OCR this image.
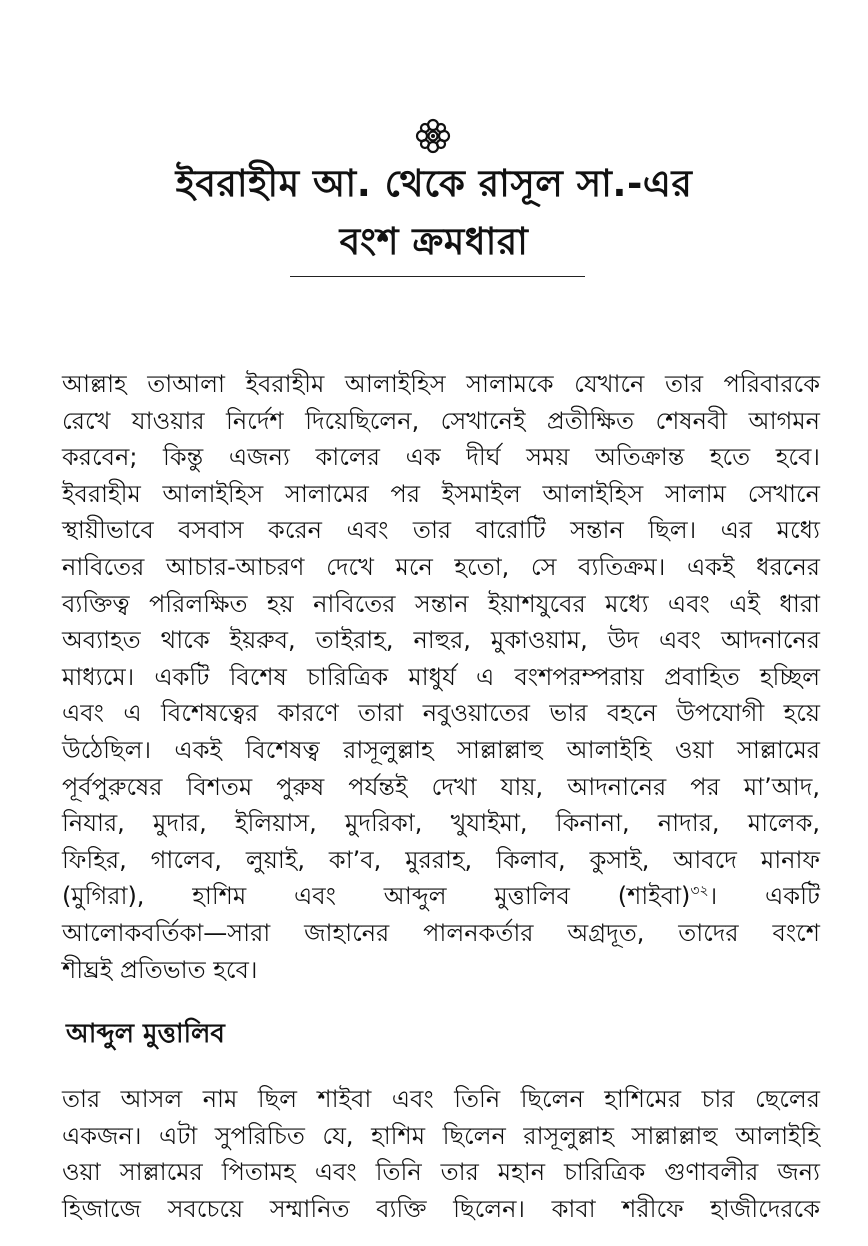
ইবরাহীম আ. থেকে রাসূল সা.-এর
বংশ ক্রমধারা
আল্লাহ তাআলা ইবরাহীম আলাইহিস সালামকে যেখানে তার পরিবারকে
রেখে যাওয়ার নির্দেশ দিয়েছিলেন, সেখানেই প্রতীক্ষিত শেষনবী আগমন
করবেন; কিন্তু এজন্য কালের এক দীর্ঘ সময় অতিক্রান্ত হতে হবে।
ইবরাহীম আলাইহিস সালামের পর ইসমাইল আলাইহিস সালাম সেখানে
স্থায়ীভাবে বসবাস করেন এবং তার বারোটি সন্তান ছিল। এর মধ্যে
নাবিতের আচার-আচরণ দেখে মনে হতো, সে ব্যতিক্রম। একই ধরনের
ব্যক্তিত্ব পরিলক্ষিত হয় নাবিতের সন্তান ইয়াশযুবের মধ্যে এবং এই ধারা
অব্যাহত থাকে ইয়রুব, তাইরাহ, নাহুর, মুকাওয়াম, উদ এবং আদনানের
মাধ্যমে। একটি বিশেষ চারিত্রিক মাধুর্য এ বংশপরম্পরায় প্রবাহিত হচ্ছিল
এবং এ বিশেষত্বের কারণে তারা নবুওয়াতের ভার বহনে উপযোগী হয়ে
উঠেছিল। একই বিশেষত্ব রাসূলুল্লাহ সাল্লাল্লাহু আলাইহি ওয়া সাল্লামের
পূর্বপুরুষের বিশতম পুরুষ পর্যন্তই দেখা যায়, আদনানের পর মা’আদ,
নিযার, মুদার, ইলিয়াস, মুদরিকা, খুযাইমা, কিনানা, নাদার, মালেক,
ফিহির, গালেব, লুয়াই, কা’ব, মুররাহ, কিলাব, কুসাই, আবদে মানাফ
(মুগিরা), হাশিম এবং আব্দুল মুত্তালিব (শাইবা)$^{৩২}$। একটি
আলোকবর্তিকা—সারা জাহানের পালনকর্তার অগ্রদূত, তাদের বংশে
শীঘ্রই প্রতিভাত হবে।
আব্দুল মুত্তালিব
তার আসল নাম ছিল শাইবা এবং তিনি ছিলেন হাশিমের চার ছেলের
একজন। এটা সুপরিচিত যে, হাশিম ছিলেন রাসূলুল্লাহ সাল্লাল্লাহু আলাইহি
ওয়া সাল্লামের পিতামহ এবং তিনি তার মহান চারিত্রিক গুণাবলীর জন্য
হিজাজে সবচেয়ে সম্মানিত ব্যক্তি ছিলেন। কাবা শরীফে হাজীদেরকে
